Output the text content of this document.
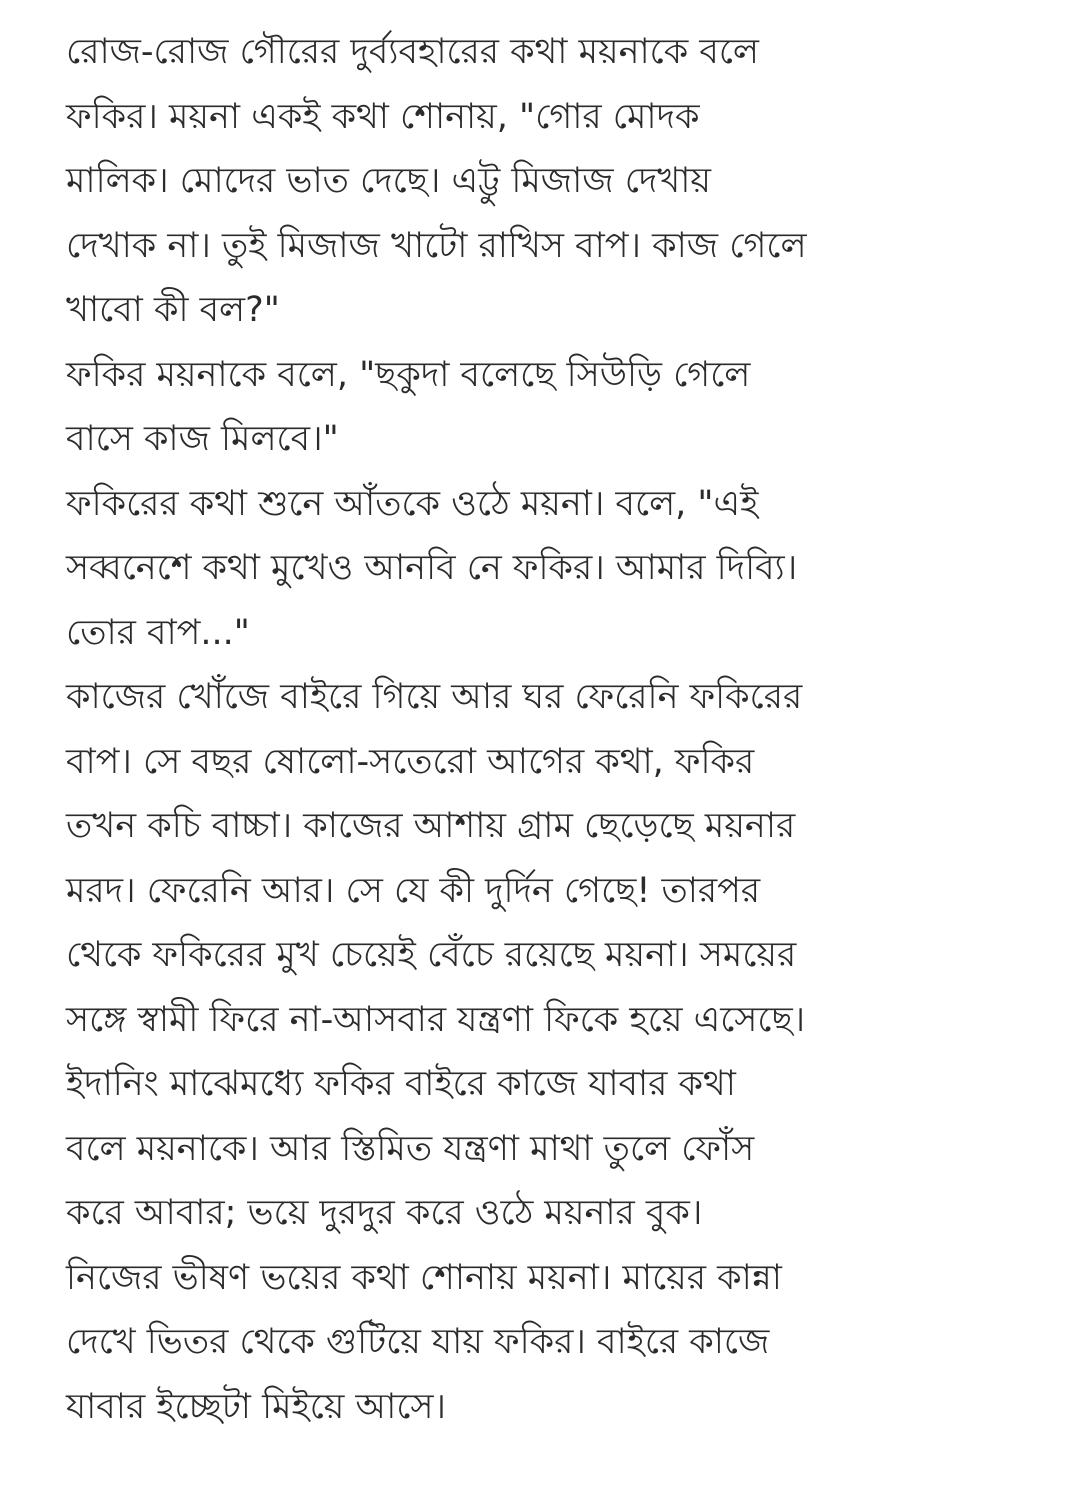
রোজ-রোজ গৌরের দুর্ব্যবহারের কথা ময়নাকে বলে
ফকির। ময়না একই কথা শোনায়, "গোর মোদক
মালিক। মোদের ভাত দেছে। এট্টু মিজাজ দেখায়
দেখাক না। তুই মিজাজ খাটো রাখিস বাপ। কাজ গেলে
খাবো কী বল?"
ফকির ময়নাকে বলে, "ছকুদা বলেছে সিউড়ি গেলে
বাসে কাজ মিলবে।"
ফকিরের কথা শুনে আঁতকে ওঠে ময়না। বলে, "এই
সব্বনেশে কথা মুখেও আনবি নে ফকির। আমার দিব্যি।
তোর বাপ..."
কাজের খোঁজে বাইরে গিয়ে আর ঘর ফেরেনি ফকিরের
বাপ। সে বছর ষোলো-সতেরো আগের কথা, ফকির
তখন কচি বাচ্চা। কাজের আশায় গ্রাম ছেড়েছে ময়নার
মরদ। ফেরেনি আর। সে যে কী দুর্দিন গেছে! তারপর
থেকে ফকিরের মুখ চেয়েই বেঁচে রয়েছে ময়না। সময়ের
সঙ্গে স্বামী ফিরে না-আসবার যন্ত্রণা ফিকে হয়ে এসেছে।
ইদানিং মাঝেমধ্যে ফকির বাইরে কাজে যাবার কথা
বলে ময়নাকে। আর স্তিমিত যন্ত্রণা মাথা তুলে ফোঁস
করে আবার; ভয়ে দুরদুর করে ওঠে ময়নার বুক।
নিজের ভীষণ ভয়ের কথা শোনায় ময়না। মায়ের কান্না
দেখে ভিতর থেকে গুটিয়ে যায় ফকির। বাইরে কাজে
যাবার ইচ্ছেটা মিইয়ে আসে।
